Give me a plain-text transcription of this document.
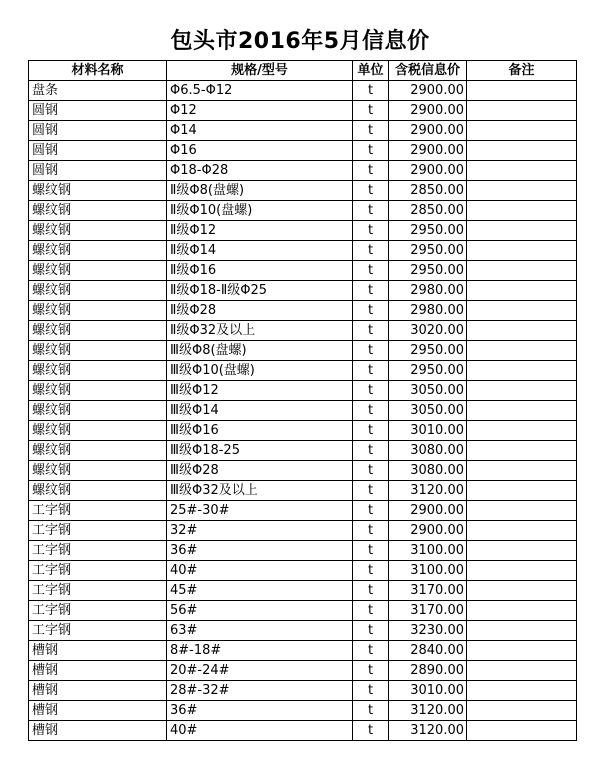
包头市2016年5月信息价
材料名称	规格/型号	单位	含税信息价	备注
盘条	Φ6.5-Φ12	t	2900.00	
圆钢	Φ12	t	2900.00	
圆钢	Φ14	t	2900.00	
圆钢	Φ16	t	2900.00	
圆钢	Φ18-Φ28	t	2900.00	
螺纹钢	Ⅱ级Φ8(盘螺)	t	2850.00	
螺纹钢	Ⅱ级Φ10(盘螺)	t	2850.00	
螺纹钢	Ⅱ级Φ12	t	2950.00	
螺纹钢	Ⅱ级Φ14	t	2950.00	
螺纹钢	Ⅱ级Φ16	t	2950.00	
螺纹钢	Ⅱ级Φ18-Ⅱ级Φ25	t	2980.00	
螺纹钢	Ⅱ级Φ28	t	2980.00	
螺纹钢	Ⅱ级Φ32及以上	t	3020.00	
螺纹钢	Ⅲ级Φ8(盘螺)	t	2950.00	
螺纹钢	Ⅲ级Φ10(盘螺)	t	2950.00	
螺纹钢	Ⅲ级Φ12	t	3050.00	
螺纹钢	Ⅲ级Φ14	t	3050.00	
螺纹钢	Ⅲ级Φ16	t	3010.00	
螺纹钢	Ⅲ级Φ18-25	t	3080.00	
螺纹钢	Ⅲ级Φ28	t	3080.00	
螺纹钢	Ⅲ级Φ32及以上	t	3120.00	
工字钢	25#-30#	t	2900.00	
工字钢	32#	t	2900.00	
工字钢	36#	t	3100.00	
工字钢	40#	t	3100.00	
工字钢	45#	t	3170.00	
工字钢	56#	t	3170.00	
工字钢	63#	t	3230.00	
槽钢	8#-18#	t	2840.00	
槽钢	20#-24#	t	2890.00	
槽钢	28#-32#	t	3010.00	
槽钢	36#	t	3120.00	
槽钢	40#	t	3120.00	
